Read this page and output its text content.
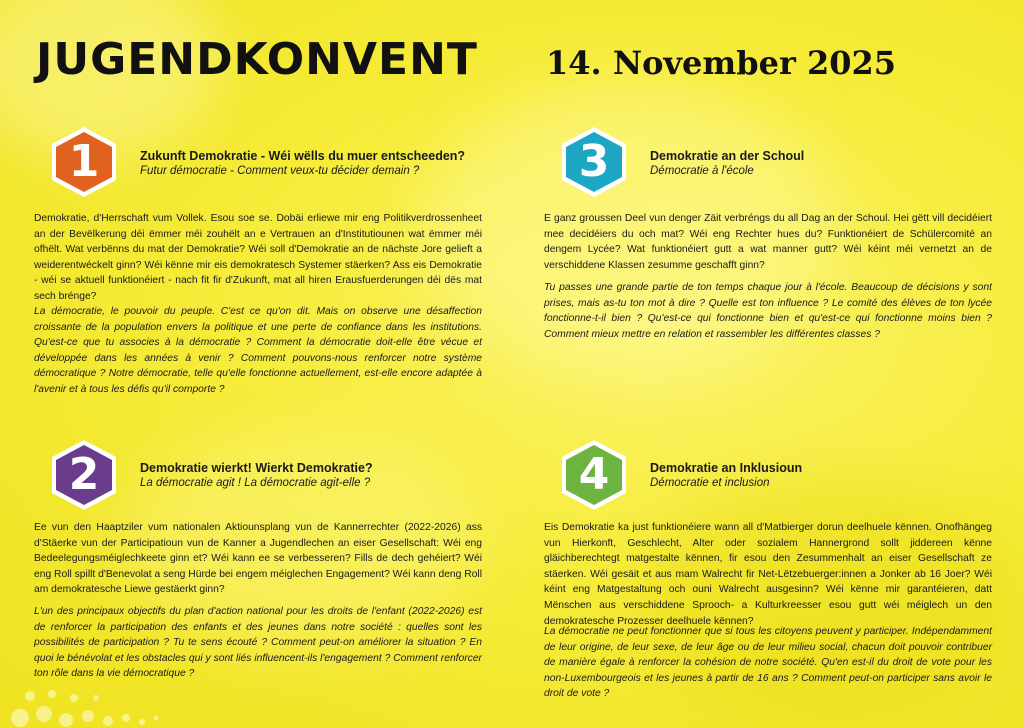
JUGENDKONVENT 14. November 2025
1	Zukunft Demokratie - Wéi wëlls du muer entscheeden?

Futur démocratie - Comment veux-tu décider demain ?

Demokratie, d'Herrschaft vum Vollek. Esou soe se. Dobäi erliewe mir eng Politikverdrossenheet an der Bevëlkerung déi ëmmer méi zouhëlt an e Vertrauen an d'Institutiounen wat ëmmer méi ofhëlt. Wat verbënns du mat der Demokratie? Wéi soll d'Demokratie an de nächste Jore gelieft a weiderentwéckelt ginn? Wéi kënne mir eis demokratesch Systemer stäerken? Ass eis Demokratie - wéi se aktuell funktionéiert - nach fit fir d'Zukunft, mat all hiren Erausfuerderungen déi dës mat sech brénge?

La démocratie, le pouvoir du peuple. C'est ce qu'on dit. Mais on observe une désaffection croissante de la population envers la politique et une perte de confiance dans les institutions. Qu'est-ce que tu associes à la démocratie ? Comment la démocratie doit-elle être vécue et développée dans les années à venir ? Comment pouvons-nous renforcer notre système démocratique ? Notre démocratie, telle qu'elle fonctionne actuellement, est-elle encore adaptée à l'avenir et à tous les défis qu'il comporte ?

2	Demokratie wierkt! Wierkt Demokratie?

La démocratie agit ! La démocratie agit-elle ?

Ee vun den Haaptziler vum nationalen Aktiounsplang vun de Kannerrechter (2022-2026) ass d'Stäerke vun der Participatioun vun de Kanner a Jugendlechen an eiser Gesellschaft: Wéi eng Bedeelegungsméiglechkeete ginn et? Wéi kann ee se verbesseren? Fills de dech gehéiert? Wéi eng Roll spillt d'Benevolat a seng Hürde bei engem méiglechen Engagement? Wéi kann deng Roll am demokratesche Liewe gestäerkt ginn?

L'un des principaux objectifs du plan d'action national pour les droits de l'enfant (2022-2026) est de renforcer la participation des enfants et des jeunes dans notre société : quelles sont les possibilités de participation ? Tu te sens écouté ? Comment peut-on améliorer la situation ? En quoi le bénévolat et les obstacles qui y sont liés influencent-ils l'engagement ? Comment renforcer ton rôle dans la vie démocratique ?

3	Demokratie an der Schoul

Démocratie à l'école

E ganz groussen Deel vun denger Zäit verbréngs du all Dag an der Schoul. Hei gëtt vill decidéiert mee decidéiers du och mat? Wéi eng Rechter hues du? Funktionéiert de Schülercomité an dengem Lycée? Wat funktionéiert gutt a wat manner gutt? Wéi kéint méi vernetzt an de verschiddene Klassen zesumme geschafft ginn?

Tu passes une grande partie de ton temps chaque jour à l'école. Beaucoup de décisions y sont prises, mais as-tu ton mot à dire ? Quelle est ton influence ? Le comité des élèves de ton lycée fonctionne-t-il bien ? Qu'est-ce qui fonctionne bien et qu'est-ce qui fonctionne moins bien ? Comment mieux mettre en relation et rassembler les différentes classes ?

4	Demokratie an Inklusioun

Démocratie et inclusion

Eis Demokratie ka just funktionéiere wann all d'Matbierger dorun deelhuele kënnen. Onofhängeg vun Hierkonft, Geschlecht, Alter oder sozialem Hannergrond sollt jiddereen kënne gläichberechtegt matgestalte kënnen, fir esou den Zesummenhalt an eiser Gesellschaft ze stäerken. Wéi gesäit et aus mam Walrecht fir Net-Lëtzebuerger:innen a Jonker ab 16 Joer? Wéi kéint eng Matgestaltung och ouni Walrecht ausgesinn? Wéi kënne mir garantéieren, datt Mënschen aus verschiddene Sprooch- a Kulturkreesser esou gutt wéi méiglech un den demokratesche Prozesser deelhuele kënnen?

La démocratie ne peut fonctionner que si tous les citoyens peuvent y participer. Indépendamment de leur origine, de leur sexe, de leur âge ou de leur milieu social, chacun doit pouvoir contribuer de manière égale à renforcer la cohésion de notre société. Qu'en est-il du droit de vote pour les non-Luxembourgeois et les jeunes à partir de 16 ans ? Comment peut-on participer sans avoir le droit de vote ?
